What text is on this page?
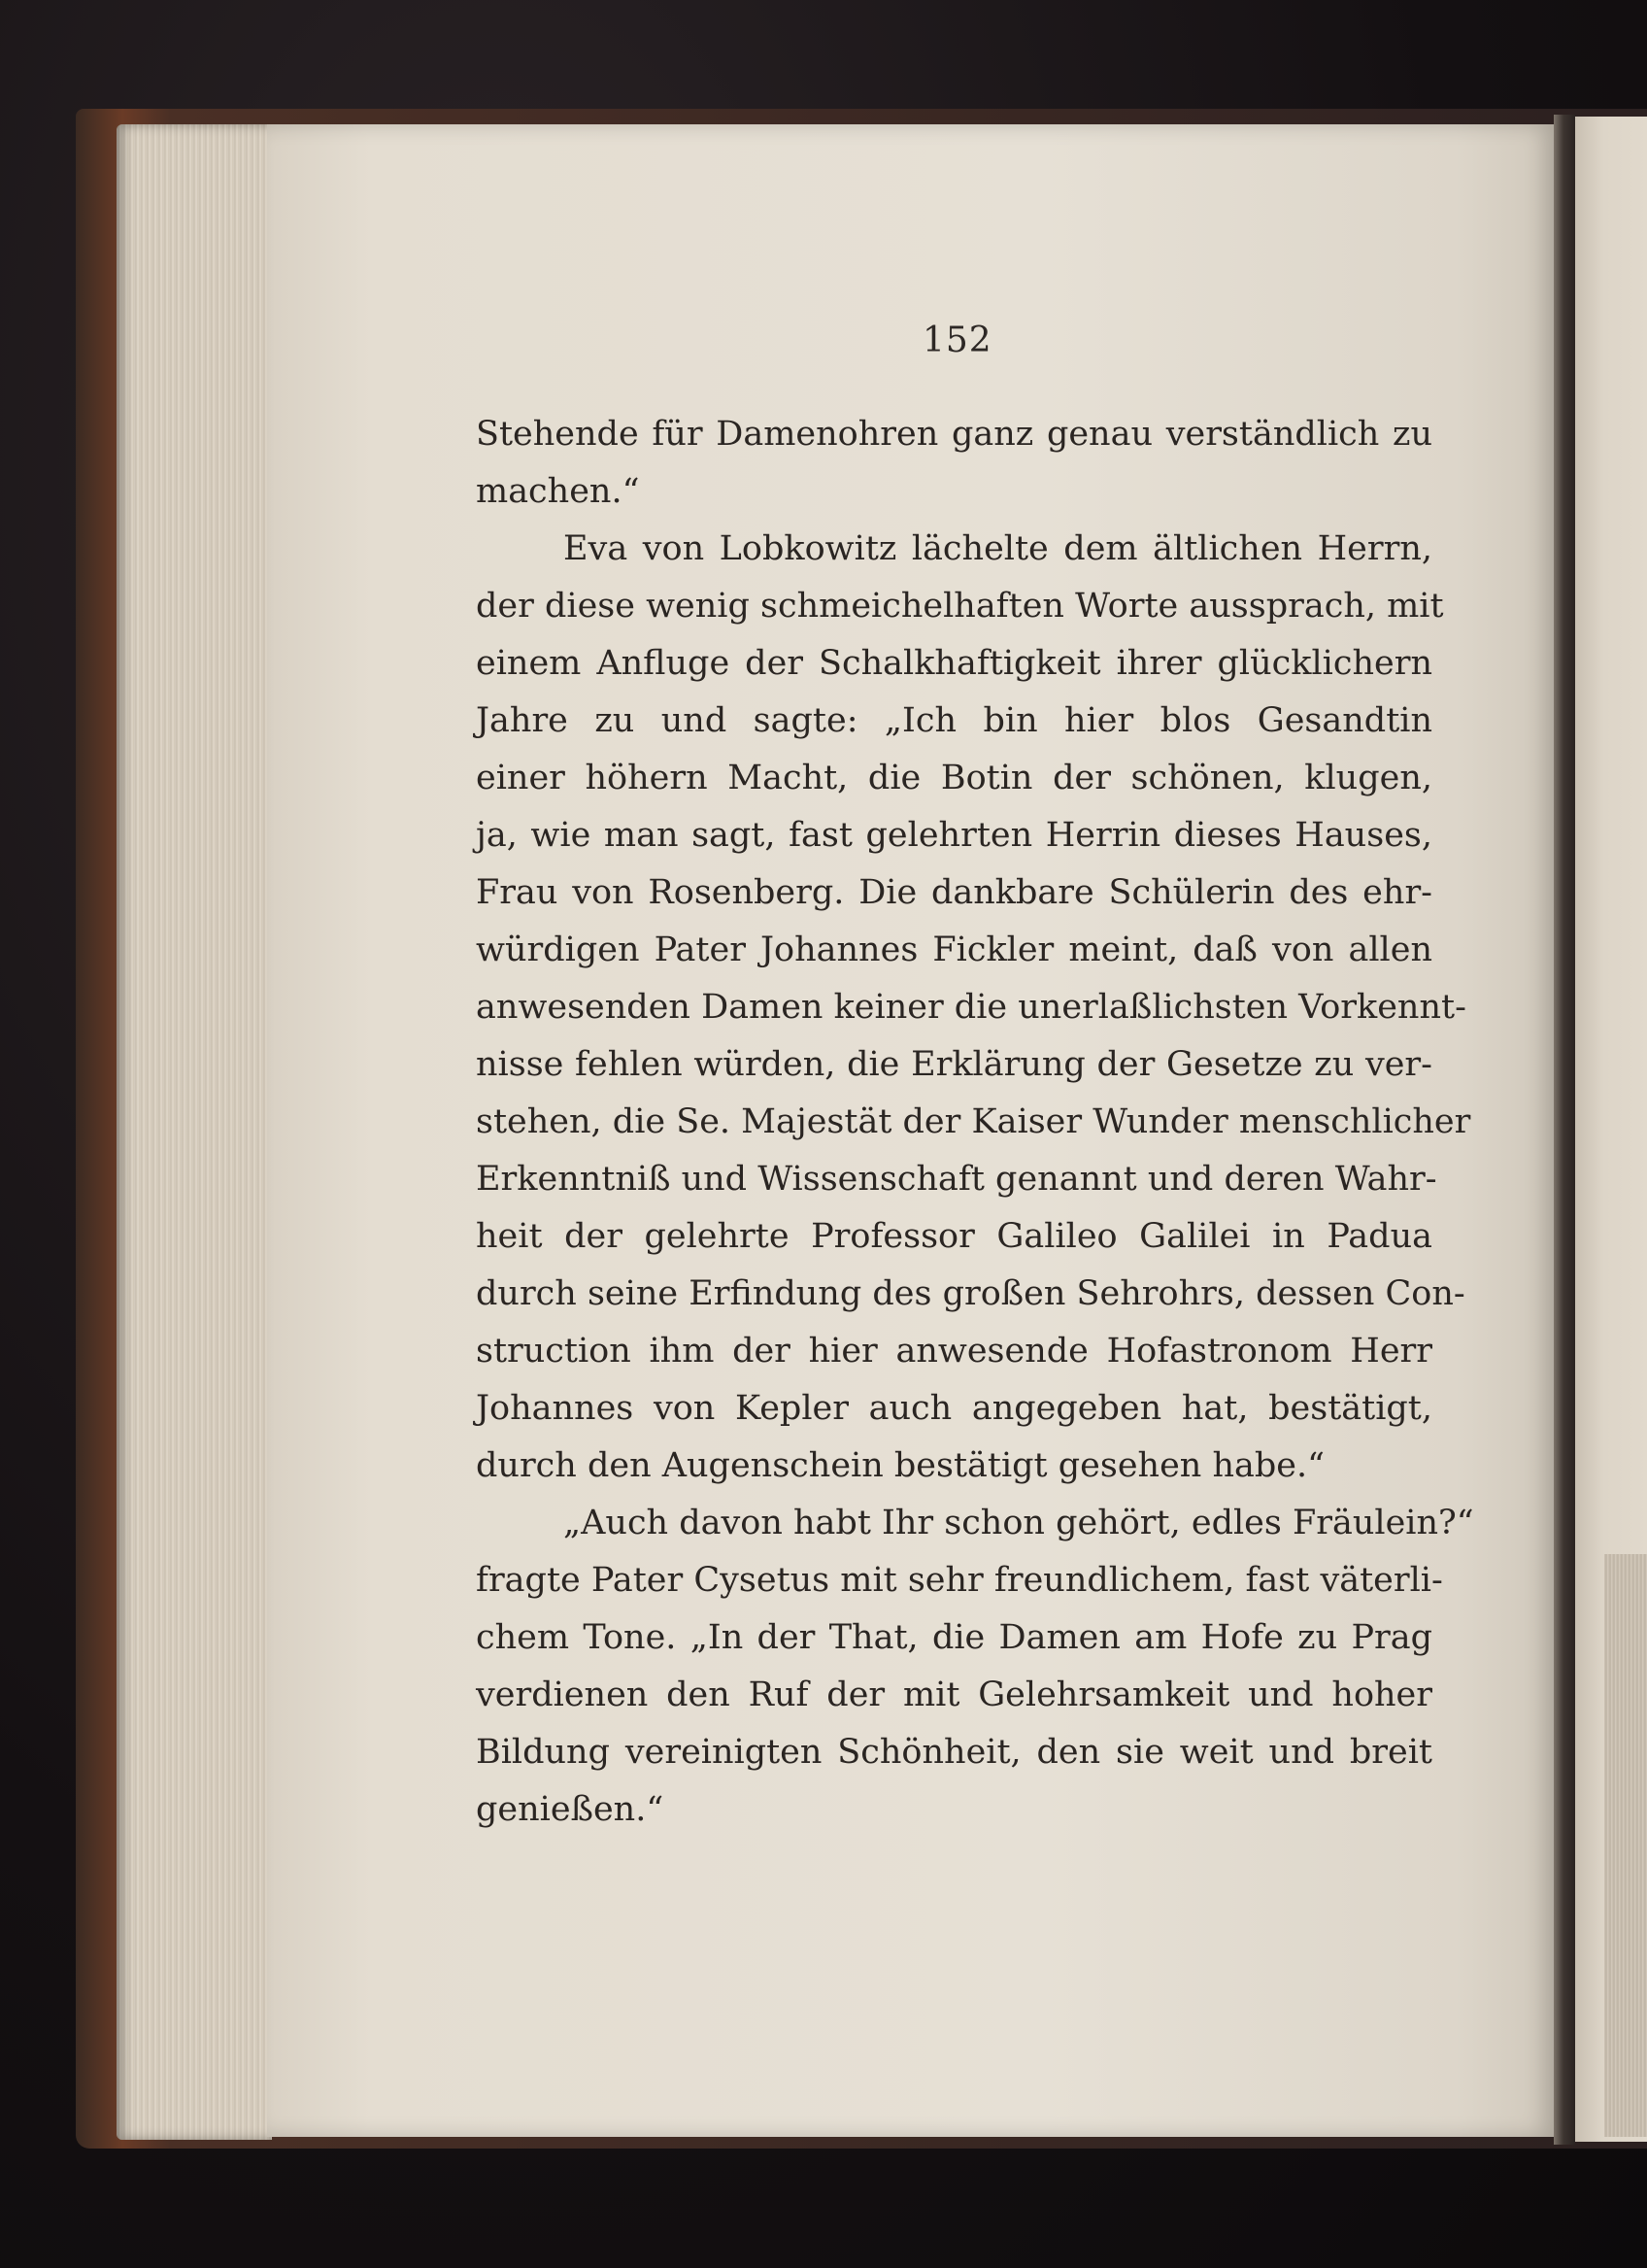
152
Stehende für Damenohren ganz genau verständlich zu
machen.“
Eva von Lobkowitz lächelte dem ältlichen Herrn,
der diese wenig schmeichelhaften Worte aussprach, mit
einem Anfluge der Schalkhaftigkeit ihrer glücklichern
Jahre zu und sagte: „Ich bin hier blos Gesandtin
einer höhern Macht, die Botin der schönen, klugen,
ja, wie man sagt, fast gelehrten Herrin dieses Hauses,
Frau von Rosenberg. Die dankbare Schülerin des ehr-
würdigen Pater Johannes Fickler meint, daß von allen
anwesenden Damen keiner die unerlaßlichsten Vorkennt-
nisse fehlen würden, die Erklärung der Gesetze zu ver-
stehen, die Se. Majestät der Kaiser Wunder menschlicher
Erkenntniß und Wissenschaft genannt und deren Wahr-
heit der gelehrte Professor Galileo Galilei in Padua
durch seine Erfindung des großen Sehrohrs, dessen Con-
struction ihm der hier anwesende Hofastronom Herr
Johannes von Kepler auch angegeben hat, bestätigt,
durch den Augenschein bestätigt gesehen habe.“
„Auch davon habt Ihr schon gehört, edles Fräulein?“
fragte Pater Cysetus mit sehr freundlichem, fast väterli-
chem Tone. „In der That, die Damen am Hofe zu Prag
verdienen den Ruf der mit Gelehrsamkeit und hoher
Bildung vereinigten Schönheit, den sie weit und breit
genießen.“
